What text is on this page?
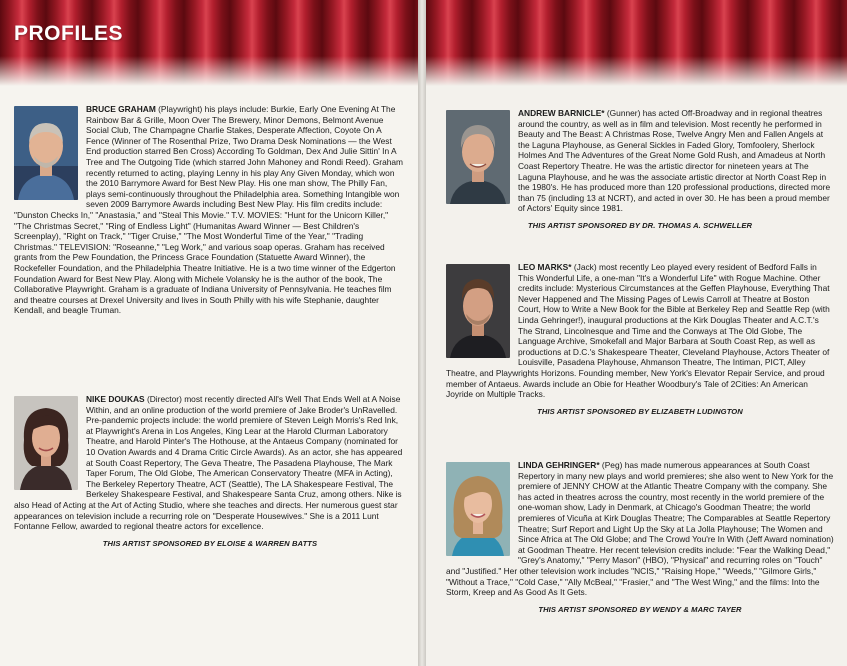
PROFILES

BRUCE GRAHAM (Playwright) his plays include: Burkie, Early One Evening At The Rainbow Bar & Grille, Moon Over The Brewery, Minor Demons, Belmont Avenue Social Club, The Champagne Charlie Stakes, Desperate Affection, Coyote On A Fence (Winner of The Rosenthal Prize, Two Drama Desk Nominations — the West End production starred Ben Cross) According To Goldman, Dex And Julie Sittin' In A Tree and The Outgoing Tide (which starred John Mahoney and Rondi Reed). Graham recently returned to acting, playing Lenny in his play Any Given Monday, which won the 2010 Barrymore Award for Best New Play. His one man show, The Philly Fan, plays semi-continuously throughout the Philadelphia area. Something Intangible won seven 2009 Barrymore Awards including Best New Play. His film credits include: "Dunston Checks In," "Anastasia," and "Steal This Movie." T.V. MOVIES: "Hunt for the Unicorn Killer," "The Christmas Secret," "Ring of Endless Light" (Humanitas Award Winner — Best Children's Screenplay), "Right on Track," "Tiger Cruise," "The Most Wonderful Time of the Year," "Trading Christmas." TELEVISION: "Roseanne," "Leg Work," and various soap operas. Graham has received grants from the Pew Foundation, the Princess Grace Foundation (Statuette Award Winner), the Rockefeller Foundation, and the Philadelphia Theatre Initiative. He is a two time winner of the Edgerton Foundation Award for Best New Play. Along with Michele Volansky he is the author of the book, The Collaborative Playwright. Graham is a graduate of Indiana University of Pennsylvania. He teaches film and theatre courses at Drexel University and lives in South Philly with his wife Stephanie, daughter Kendall, and beagle Truman.

NIKE DOUKAS (Director) most recently directed All's Well That Ends Well at A Noise Within, and an online production of the world premiere of Jake Broder's UnRavelled. Pre-pandemic projects include: the world premiere of Steven Leigh Morris's Red Ink, at Playwright's Arena in Los Angeles, King Lear at the Harold Clurman Laboratory Theatre, and Harold Pinter's The Hothouse, at the Antaeus Company (nominated for 10 Ovation Awards and 4 Drama Critic Circle Awards). As an actor, she has appeared at South Coast Repertory, The Geva Theatre, The Pasadena Playhouse, The Mark Taper Forum, The Old Globe, The American Conservatory Theatre (MFA in Acting), The Berkeley Repertory Theatre, ACT (Seattle), The LA Shakespeare Festival, The Berkeley Shakespeare Festival, and Shakespeare Santa Cruz, among others. Nike is also Head of Acting at the Art of Acting Studio, where she teaches and directs. Her numerous guest star appearances on television include a recurring role on "Desperate Housewives." She is a 2011 Lunt Fontanne Fellow, awarded to regional theatre actors for excellence.

THIS ARTIST SPONSORED BY ELOISE & WARREN BATTS

ANDREW BARNICLE* (Gunner) has acted Off-Broadway and in regional theatres around the country, as well as in film and television. Most recently he performed in Beauty and The Beast: A Christmas Rose, Twelve Angry Men and Fallen Angels at the Laguna Playhouse, as General Sickles in Faded Glory, Tomfoolery, Sherlock Holmes And The Adventures of the Great Nome Gold Rush, and Amadeus at North Coast Repertory Theatre. He was the artistic director for nineteen years at The Laguna Playhouse, and he was the associate artistic director at North Coast Rep in the 1980's. He has produced more than 120 professional productions, directed more than 75 (including 13 at NCRT), and acted in over 30. He has been a proud member of Actors' Equity since 1981.

THIS ARTIST SPONSORED BY DR. THOMAS A. SCHWELLER

LEO MARKS* (Jack) most recently Leo played every resident of Bedford Falls in This Wonderful Life, a one-man "It's a Wonderful Life" with Rogue Machine. Other credits include: Mysterious Circumstances at the Geffen Playhouse, Everything That Never Happened and The Missing Pages of Lewis Carroll at Theatre at Boston Court, How to Write a New Book for the Bible at Berkeley Rep and Seattle Rep (with Linda Gehringer!), inaugural productions at the Kirk Douglas Theater and A.C.T.'s The Strand, Lincolnesque and Time and the Conways at The Old Globe, The Language Archive, Smokefall and Major Barbara at South Coast Rep, as well as productions at D.C.'s Shakespeare Theater, Cleveland Playhouse, Actors Theater of Louisville, Pasadena Playhouse, Ahmanson Theatre, The Intiman, PICT, Alley Theatre, and Playwrights Horizons. Founding member, New York's Elevator Repair Service, and proud member of Antaeus. Awards include an Obie for Heather Woodbury's Tale of 2Cities: An American Joyride on Multiple Tracks.

THIS ARTIST SPONSORED BY ELIZABETH LUDINGTON

LINDA GEHRINGER* (Peg) has made numerous appearances at South Coast Repertory in many new plays and world premieres; she also went to New York for the premiere of JENNY CHOW at the Atlantic Theatre Company with the company. She has acted in theatres across the country, most recently in the world premiere of the one-woman show, Lady in Denmark, at Chicago's Goodman Theatre; the world premieres of Vicuña at Kirk Douglas Theatre; The Comparables at Seattle Repertory Theatre; Surf Report and Light Up the Sky at La Jolla Playhouse; The Women and Since Africa at The Old Globe; and The Crowd You're In With (Jeff Award nomination) at Goodman Theatre. Her recent television credits include: "Fear the Walking Dead," "Grey's Anatomy," "Perry Mason" (HBO), "Physical" and recurring roles on "Touch" and "Justified." Her other television work includes "NCIS," "Raising Hope," "Weeds," "Gilmore Girls," "Without a Trace," "Cold Case," "Ally McBeal," "Frasier," and "The West Wing," and the films: Into the Storm, Kreep and As Good As It Gets.

THIS ARTIST SPONSORED BY WENDY & MARC TAYER
